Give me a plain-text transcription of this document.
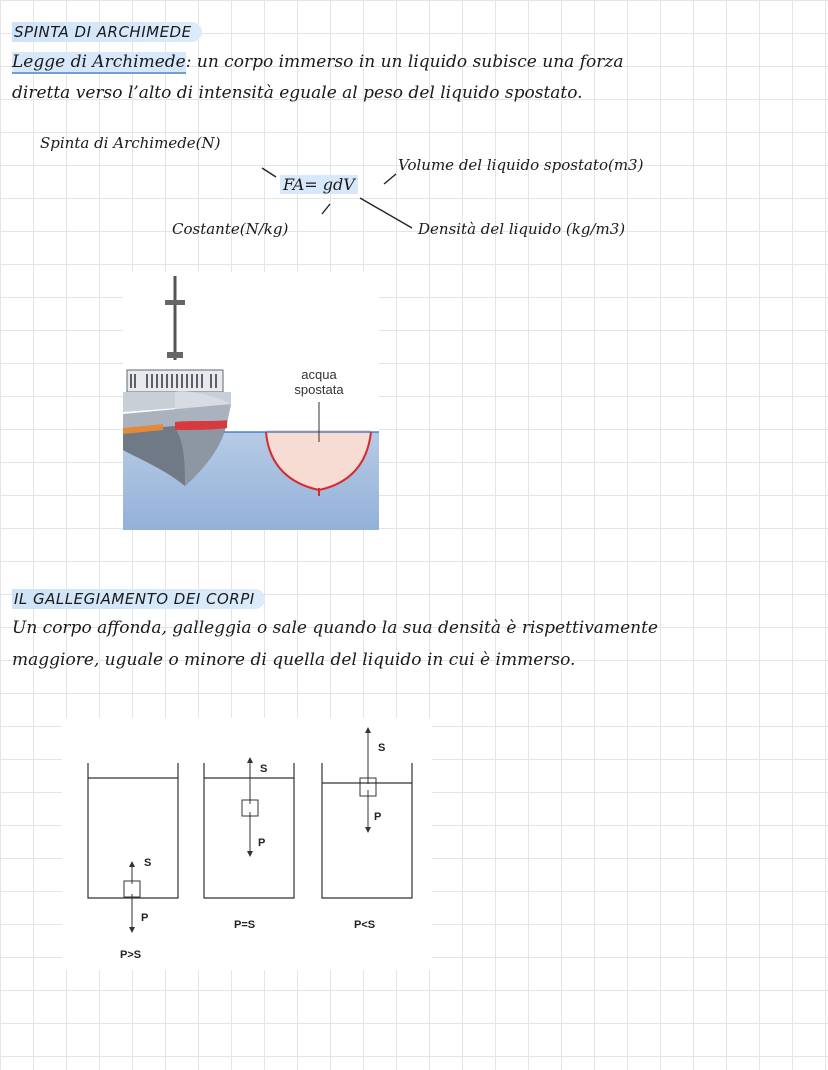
SPINTA DI ARCHIMEDE
Legge di Archimede: un corpo immerso in un liquido subisce una forza
diretta verso l’alto di intensità eguale al peso del liquido spostato.
Spinta di Archimede(N)
Volume del liquido spostato(m3)
FA= gdV
Costante(N/kg)	Densità del liquido (kg/m3)
acqua
spostata
IL GALLEGIAMENTO DEI CORPI
Un corpo affonda, galleggia o sale quando la sua densità è rispettivamente
maggiore, uguale o minore di quella del liquido in cui è immerso.
S
P
P>S
S
P
P=S
S
P
P<S
